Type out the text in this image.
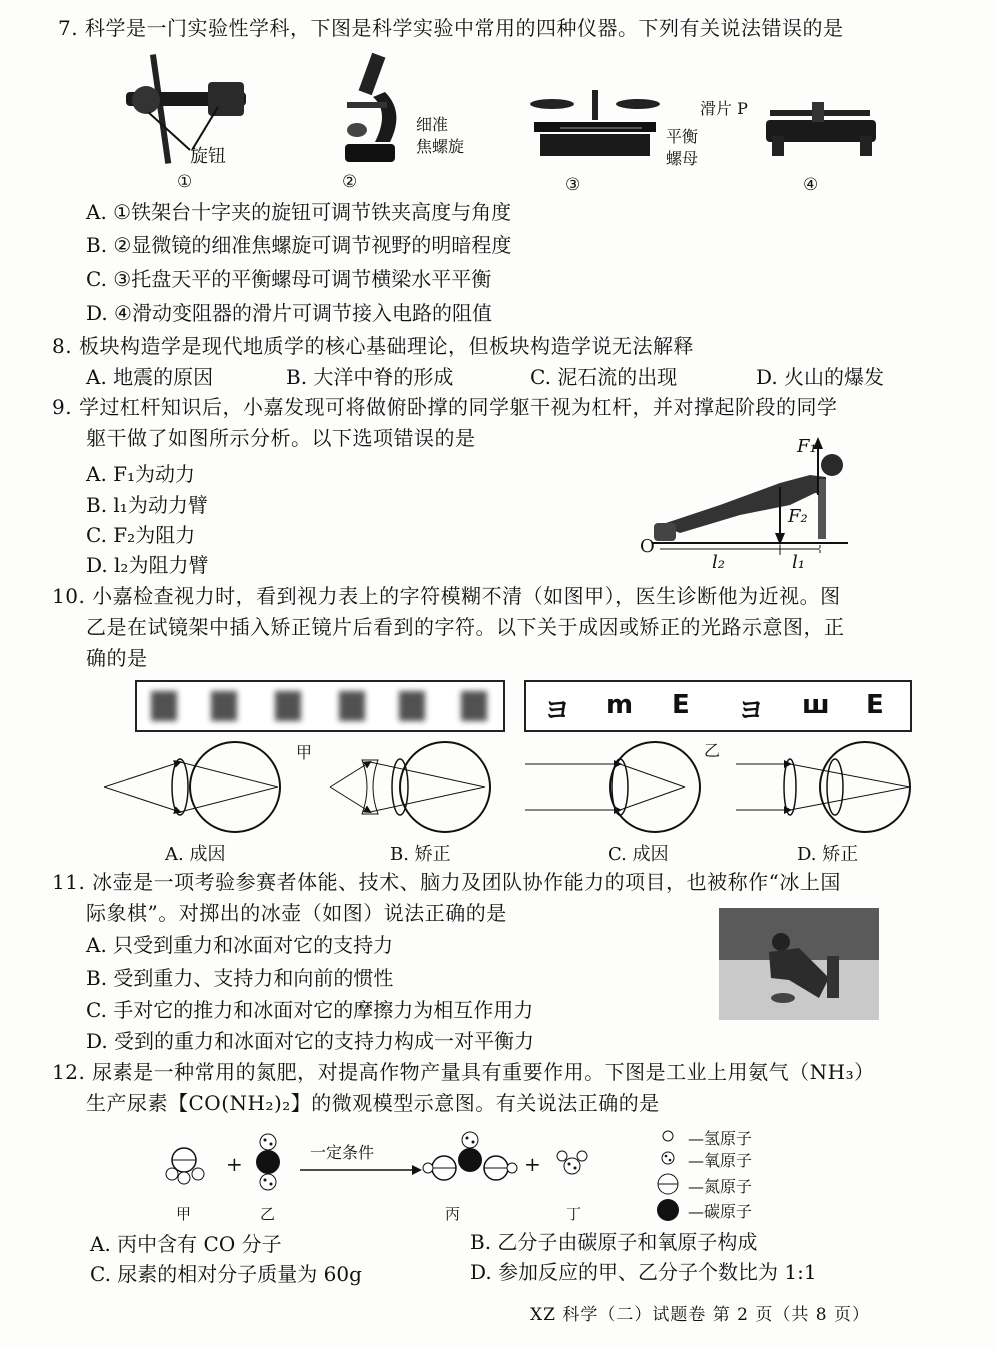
7. 科学是一门实验性学科，下图是科学实验中常用的四种仪器。下列有关说法错误的是
旋钮
①
细准
焦螺旋
②
平衡
螺母
③
滑片 P
④
A. ①铁架台十字夹的旋钮可调节铁夹高度与角度
B. ②显微镜的细准焦螺旋可调节视野的明暗程度
C. ③托盘天平的平衡螺母可调节横梁水平平衡
D. ④滑动变阻器的滑片可调节接入电路的阻值
8. 板块构造学是现代地质学的核心基础理论，但板块构造学说无法解释
A. 地震的原因	B. 大洋中脊的形成	C. 泥石流的出现	D. 火山的爆发
9. 学过杠杆知识后，小嘉发现可将做俯卧撑的同学躯干视为杠杆，并对撑起阶段的同学
躯干做了如图所示分析。以下选项错误的是
A. F₁为动力
B. l₁为动力臂
C. F₂为阻力
D. l₂为阻力臂
F₁
F₂
O
l₂	l₁
10. 小嘉检查视力时，看到视力表上的字符模糊不清（如图甲），医生诊断他为近视。图
乙是在试镜架中插入矫正镜片后看到的字符。以下关于成因或矫正的光路示意图，正
确的是
甲
ヨ m E ヨ ш E
乙
A. 成因	B. 矫正	C. 成因	D. 矫正
11. 冰壶是一项考验参赛者体能、技术、脑力及团队协作能力的项目，也被称作“冰上国
际象棋”。对掷出的冰壶（如图）说法正确的是
A. 只受到重力和冰面对它的支持力
B. 受到重力、支持力和向前的惯性
C. 手对它的推力和冰面对它的摩擦力为相互作用力
D. 受到的重力和冰面对它的支持力构成一对平衡力
12. 尿素是一种常用的氮肥，对提高作物产量具有重要作用。下图是工业上用氨气（NH₃）
生产尿素【CO(NH₂)₂】的微观模型示意图。有关说法正确的是
+	+
一定条件
甲	乙	丙	丁
—氢原子
—氧原子
—氮原子
—碳原子
A. 丙中含有 CO 分子	B. 乙分子由碳原子和氧原子构成
C. 尿素的相对分子质量为 60g	D. 参加反应的甲、乙分子个数比为 1:1
XZ 科学（二）试题卷 第 2 页（共 8 页）
